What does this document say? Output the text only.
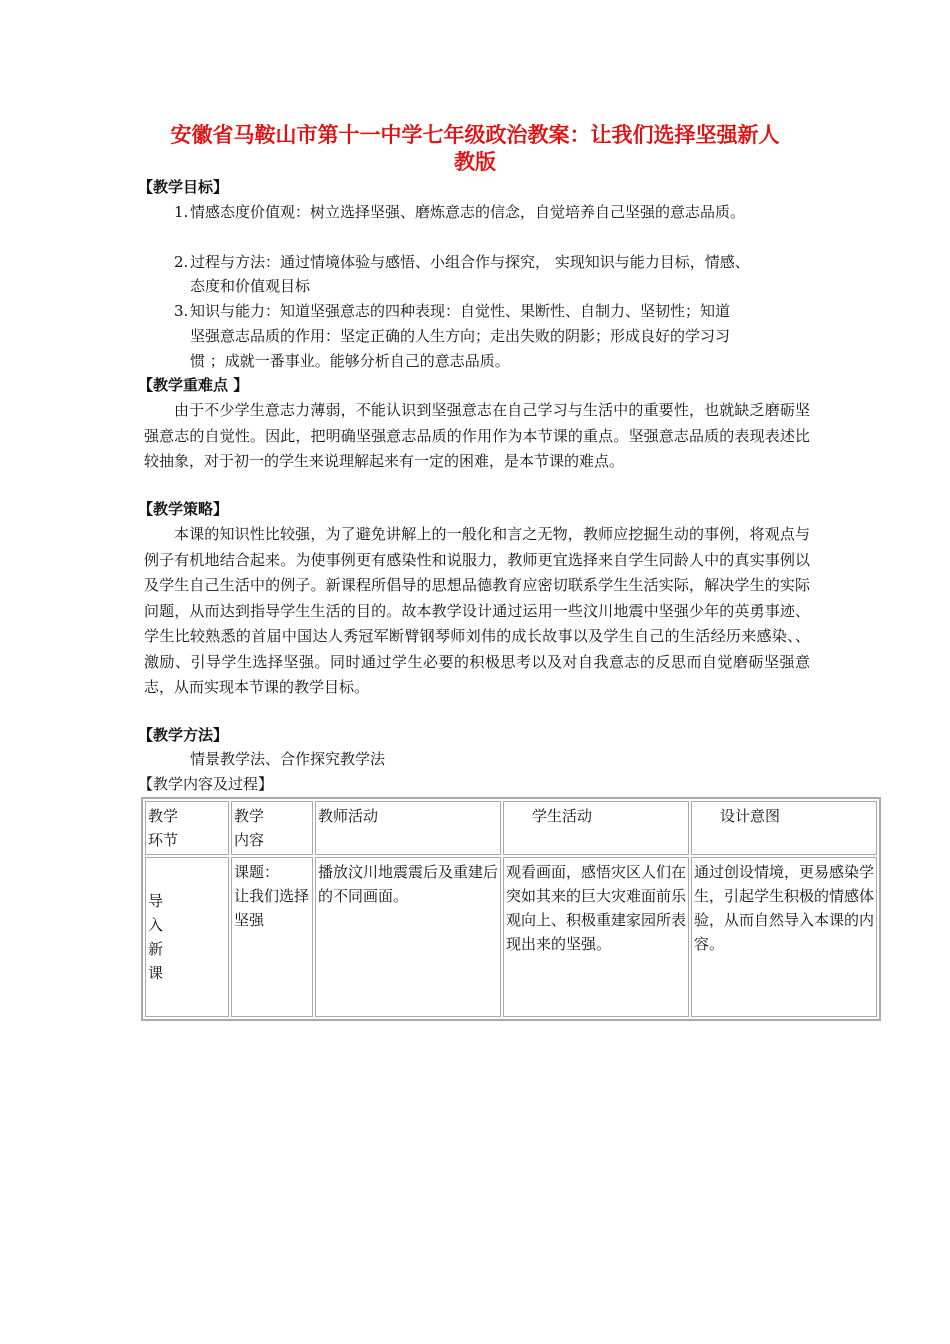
安徽省马鞍山市第十一中学七年级政治教案：让我们选择坚强新人
教版
【教学目标】
1. 情感态度价值观：树立选择坚强、磨炼意志的信念，自觉培养自己坚强的意志品质。
2. 过程与方法：通过情境体验与感悟、小组合作与探究， 实现知识与能力目标，情感、
态度和价值观目标
3. 知识与能力：知道坚强意志的四种表现：自觉性、果断性、自制力、坚韧性；知道
坚强意志品质的作用：坚定正确的人生方向；走出失败的阴影；形成良好的学习习
惯 ；成就一番事业。能够分析自己的意志品质。
【教学重难点 】
由于不少学生意志力薄弱，不能认识到坚强意志在自己学习与生活中的重要性，也就缺乏磨砺坚强意志的自觉性。因此，把明确坚强意志品质的作用作为本节课的重点。坚强意志品质的表现表述比较抽象，对于初一的学生来说理解起来有一定的困难，是本节课的难点。
【教学策略】
本课的知识性比较强，为了避免讲解上的一般化和言之无物，教师应挖掘生动的事例，将观点与例子有机地结合起来。为使事例更有感染性和说服力，教师更宜选择来自学生同龄人中的真实事例以及学生自己生活中的例子。新课程所倡导的思想品德教育应密切联系学生生活实际，解决学生的实际问题，从而达到指导学生生活的目的。故本教学设计通过运用一些汶川地震中坚强少年的英勇事迹、学生比较熟悉的首届中国达人秀冠军断臂钢琴师刘伟的成长故事以及学生自己的生活经历来感染、、激励、引导学生选择坚强。同时通过学生必要的积极思考以及对自我意志的反思而自觉磨砺坚强意志，从而实现本节课的教学目标。
【教学方法】
情景教学法、合作探究教学法
【教学内容及过程】
教学
环节	教学
内容	教师活动	学生活动	设计意图
导
入
新
课	课题：
让我们选择坚强	播放汶川地震震后及重建后的不同画面。	观看画面，感悟灾区人们在突如其来的巨大灾难面前乐观向上、积极重建家园所表现出来的坚强。	通过创设情境，更易感染学生，引起学生积极的情感体验，从而自然导入本课的内容。
